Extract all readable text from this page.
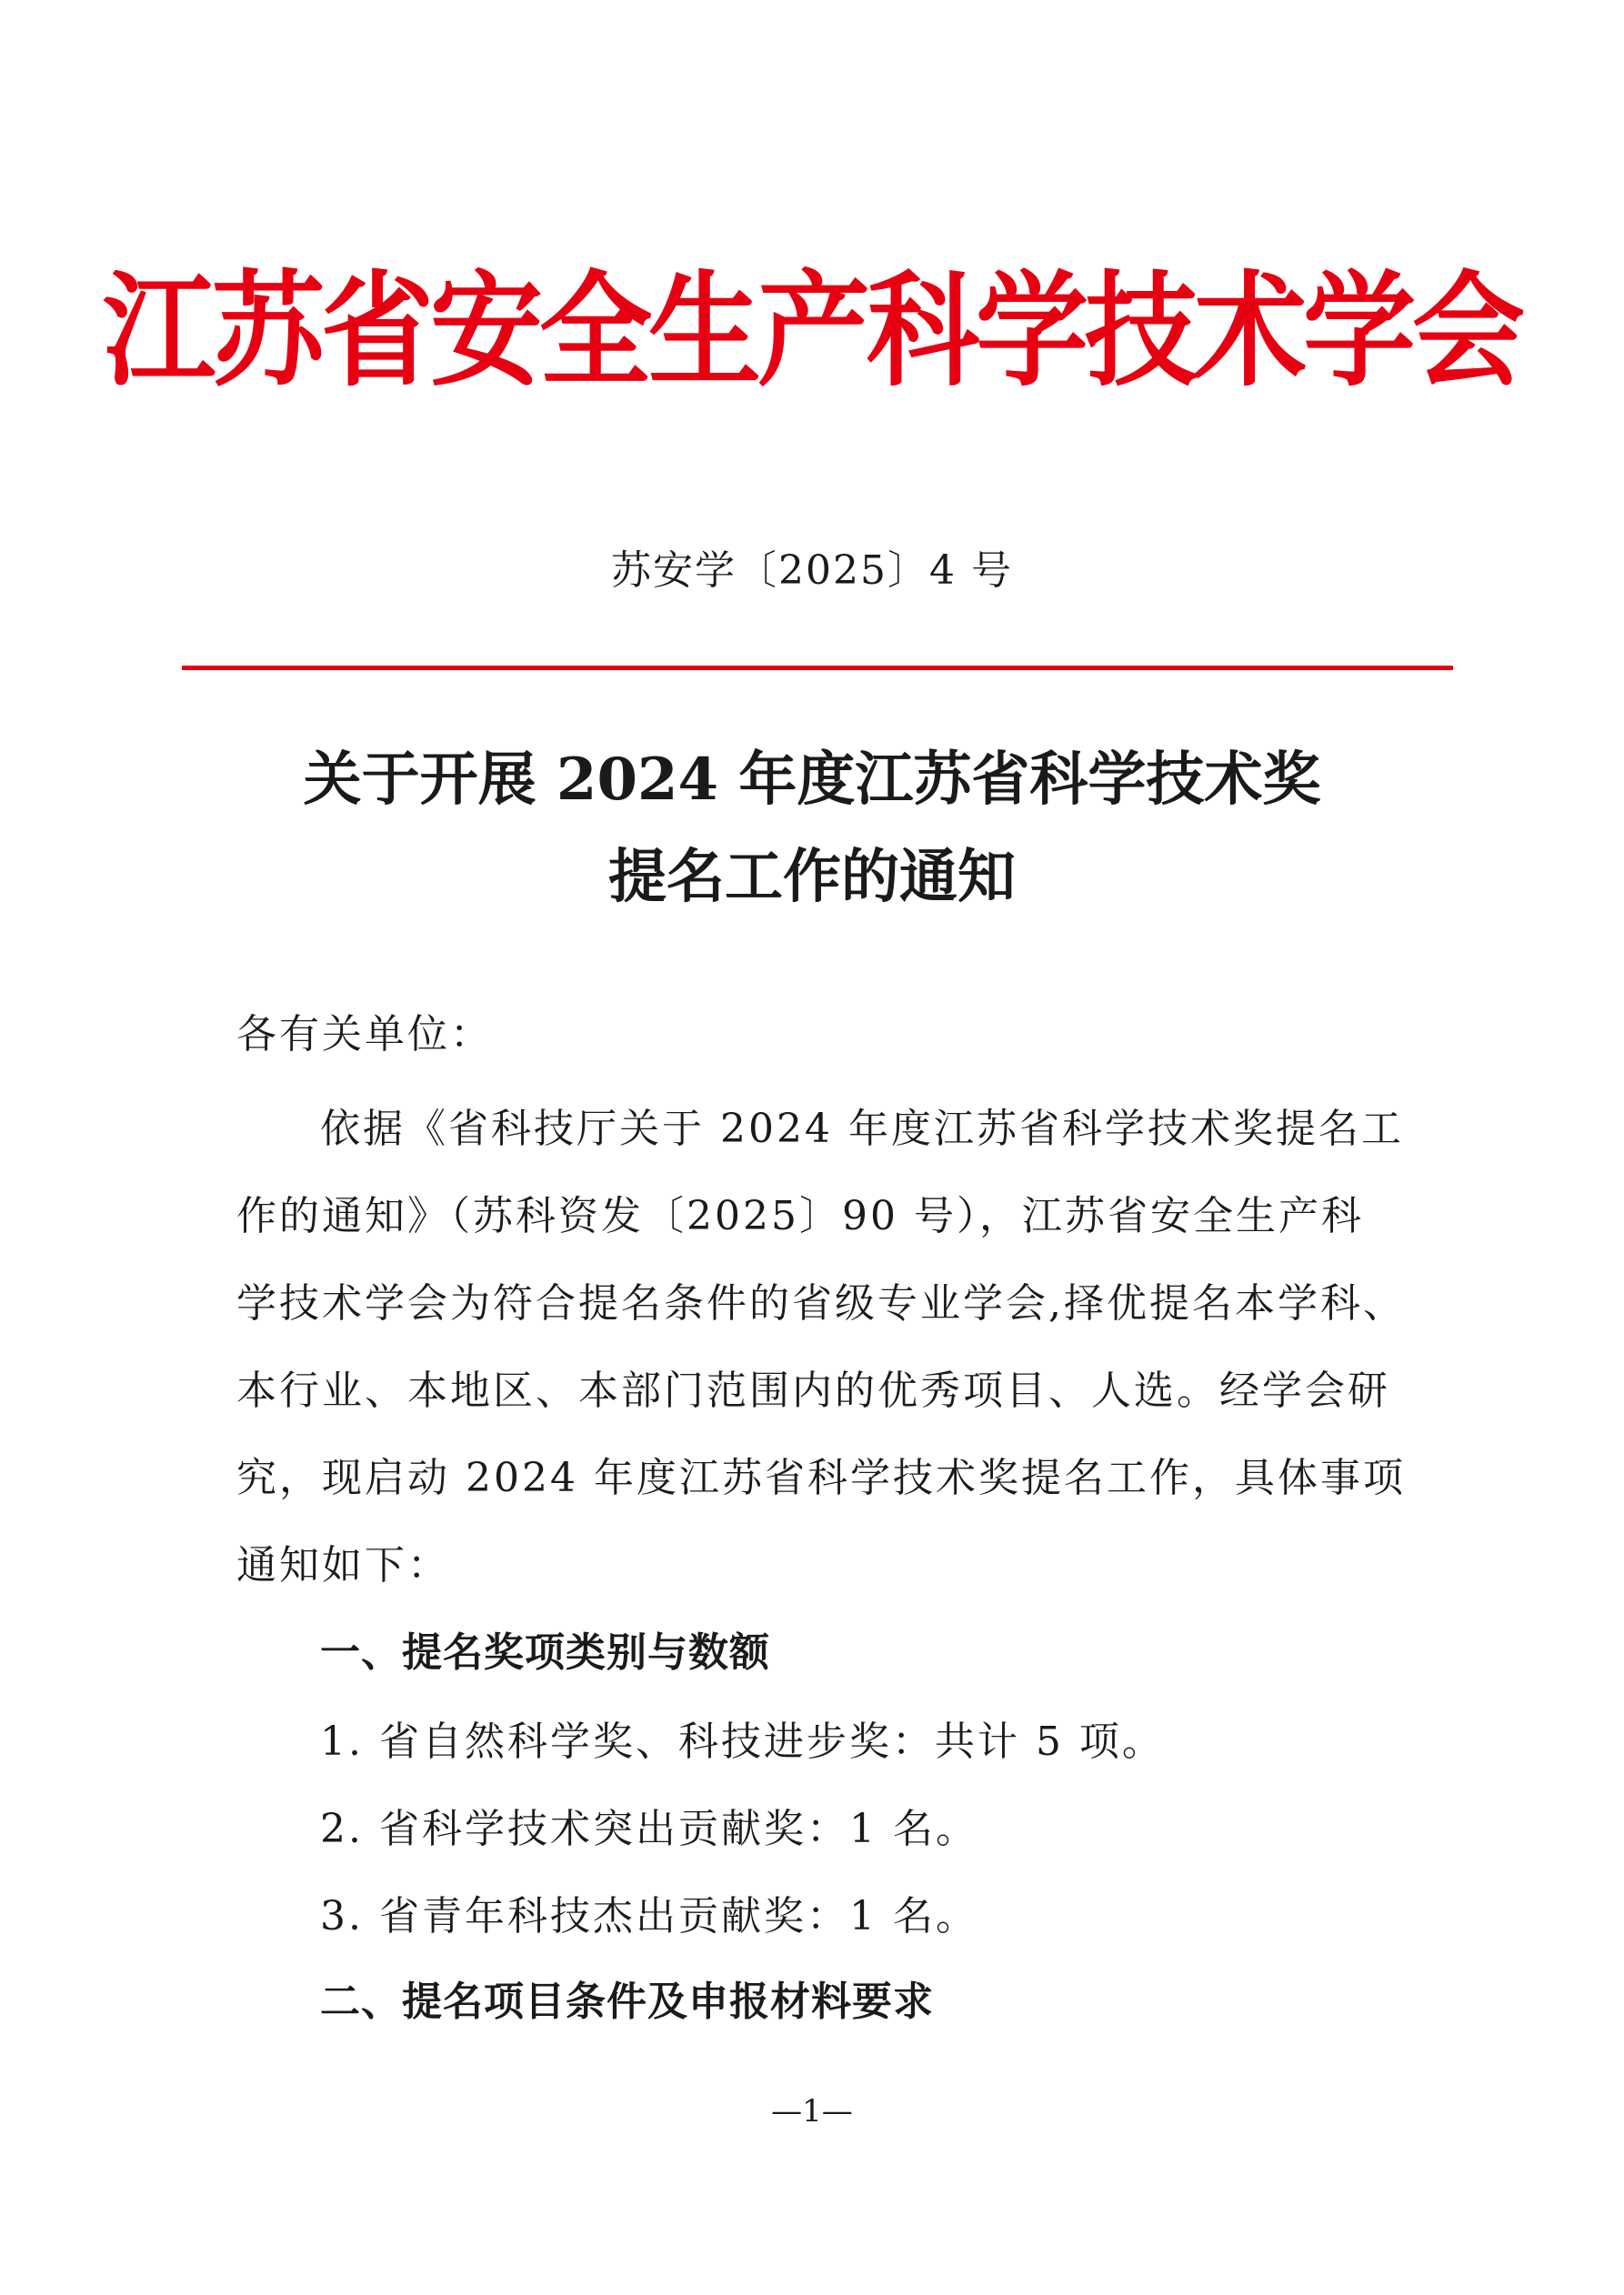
江苏省安全生产科学技术学会
苏安学〔2025〕4 号
关于开展 2024 年度江苏省科学技术奖
提名工作的通知
各有关单位：
依据《省科技厅关于 2024 年度江苏省科学技术奖提名工
作的通知》（苏科资发〔2025〕90 号），江苏省安全生产科
学技术学会为符合提名条件的省级专业学会,择优提名本学科、
本行业、本地区、本部门范围内的优秀项目、人选。经学会研
究，现启动 2024 年度江苏省科学技术奖提名工作，具体事项
通知如下：
一、提名奖项类别与数额
1. 省自然科学奖、科技进步奖：共计 5 项。
2. 省科学技术突出贡献奖：1 名。
3. 省青年科技杰出贡献奖：1 名。
二、提名项目条件及申报材料要求
—1—
